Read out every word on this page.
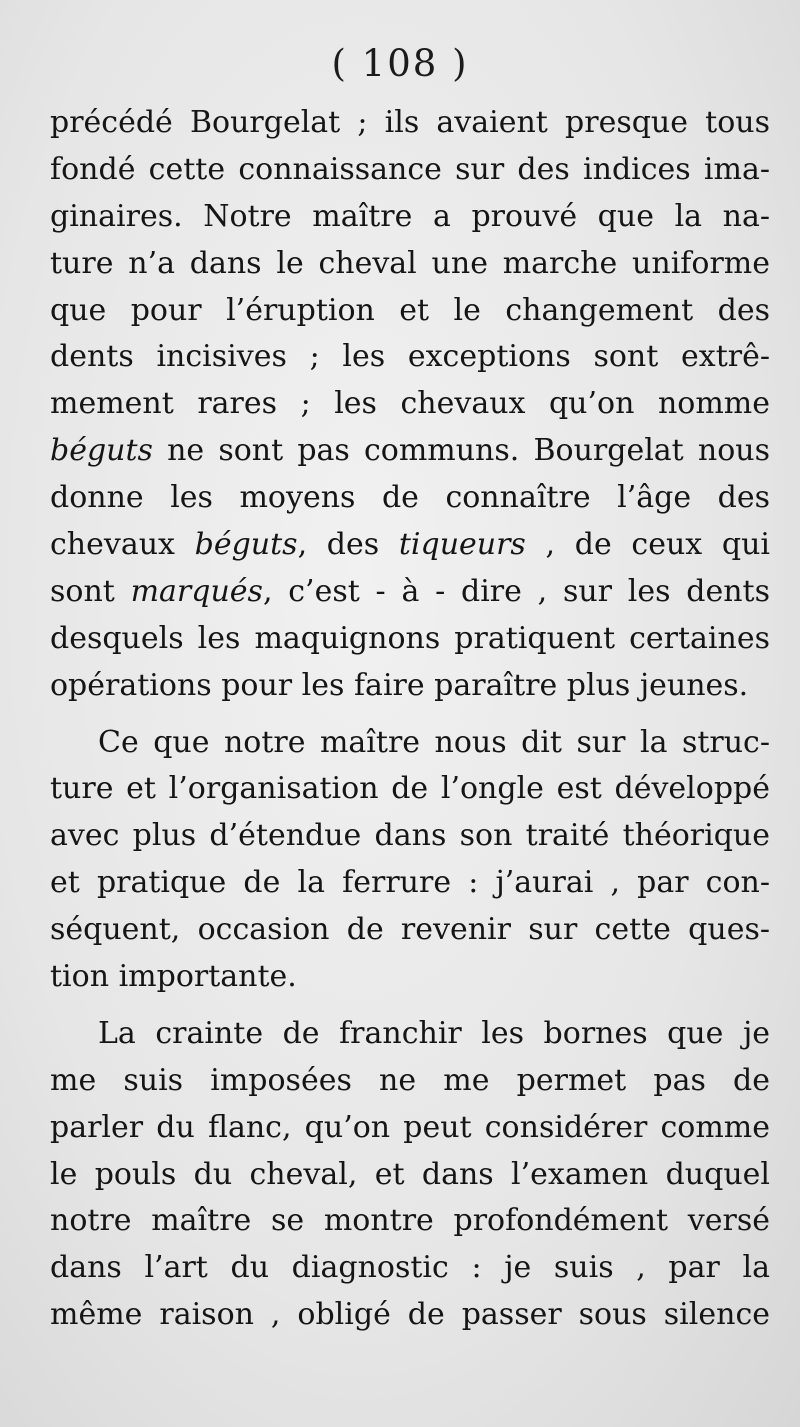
( 108 )
précédé Bourgelat ; ils avaient presque tous
fondé cette connaissance sur des indices ima-
ginaires. Notre maître a prouvé que la na-
ture n’a dans le cheval une marche uniforme
que pour l’éruption et le changement des
dents incisives ; les exceptions sont extrê-
mement rares ; les chevaux qu’on nomme
béguts ne sont pas communs. Bourgelat nous
donne les moyens de connaître l’âge des
chevaux béguts, des tiqueurs , de ceux qui
sont marqués, c’est - à - dire , sur les dents
desquels les maquignons pratiquent certaines
opérations pour les faire paraître plus jeunes.
Ce que notre maître nous dit sur la struc-
ture et l’organisation de l’ongle est développé
avec plus d’étendue dans son traité théorique
et pratique de la ferrure : j’aurai , par con-
séquent, occasion de revenir sur cette ques-
tion importante.
La crainte de franchir les bornes que je
me suis imposées ne me permet pas de
parler du flanc, qu’on peut considérer comme
le pouls du cheval, et dans l’examen duquel
notre maître se montre profondément versé
dans l’art du diagnostic : je suis , par la
même raison , obligé de passer sous silence
